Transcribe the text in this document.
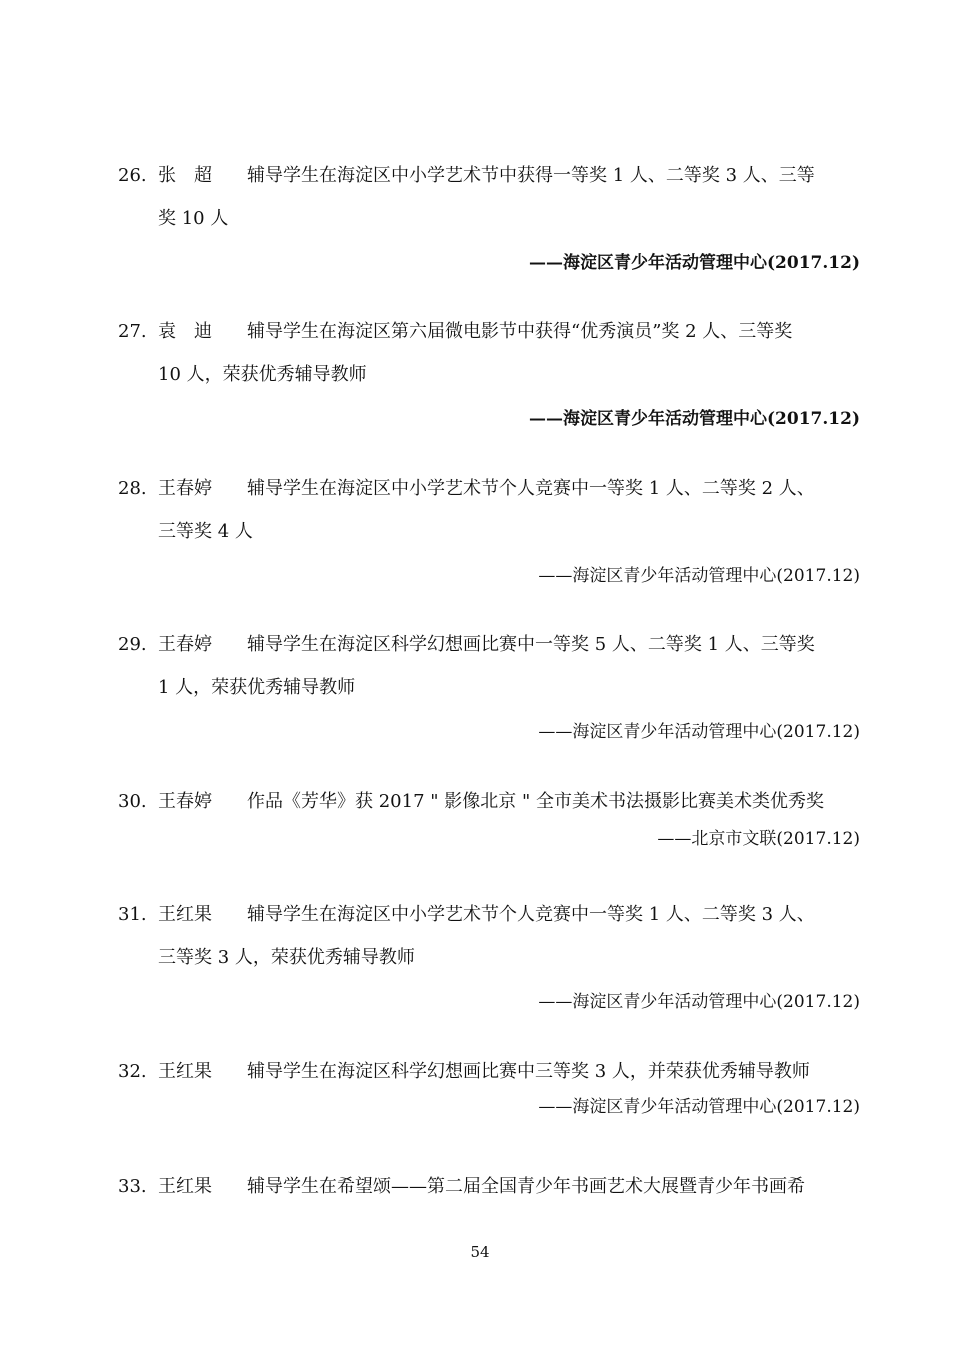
26. 张　超 辅导学生在海淀区中小学艺术节中获得一等奖 1 人、二等奖 3 人、三等
奖 10 人
——海淀区青少年活动管理中心(2017.12)
27. 袁　迪 辅导学生在海淀区第六届微电影节中获得“优秀演员”奖 2 人、三等奖
10 人，荣获优秀辅导教师
——海淀区青少年活动管理中心(2017.12)
28. 王春婷 辅导学生在海淀区中小学艺术节个人竞赛中一等奖 1 人、二等奖 2 人、
三等奖 4 人
——海淀区青少年活动管理中心(2017.12)
29. 王春婷 辅导学生在海淀区科学幻想画比赛中一等奖 5 人、二等奖 1 人、三等奖
1 人，荣获优秀辅导教师
——海淀区青少年活动管理中心(2017.12)
30. 王春婷 作品《芳华》获 2017 " 影像北京 " 全市美术书法摄影比赛美术类优秀奖
——北京市文联(2017.12)
31. 王红果 辅导学生在海淀区中小学艺术节个人竞赛中一等奖 1 人、二等奖 3 人、
三等奖 3 人，荣获优秀辅导教师
——海淀区青少年活动管理中心(2017.12)
32. 王红果 辅导学生在海淀区科学幻想画比赛中三等奖 3 人，并荣获优秀辅导教师
——海淀区青少年活动管理中心(2017.12)
33. 王红果 辅导学生在希望颂——第二届全国青少年书画艺术大展暨青少年书画希
54
